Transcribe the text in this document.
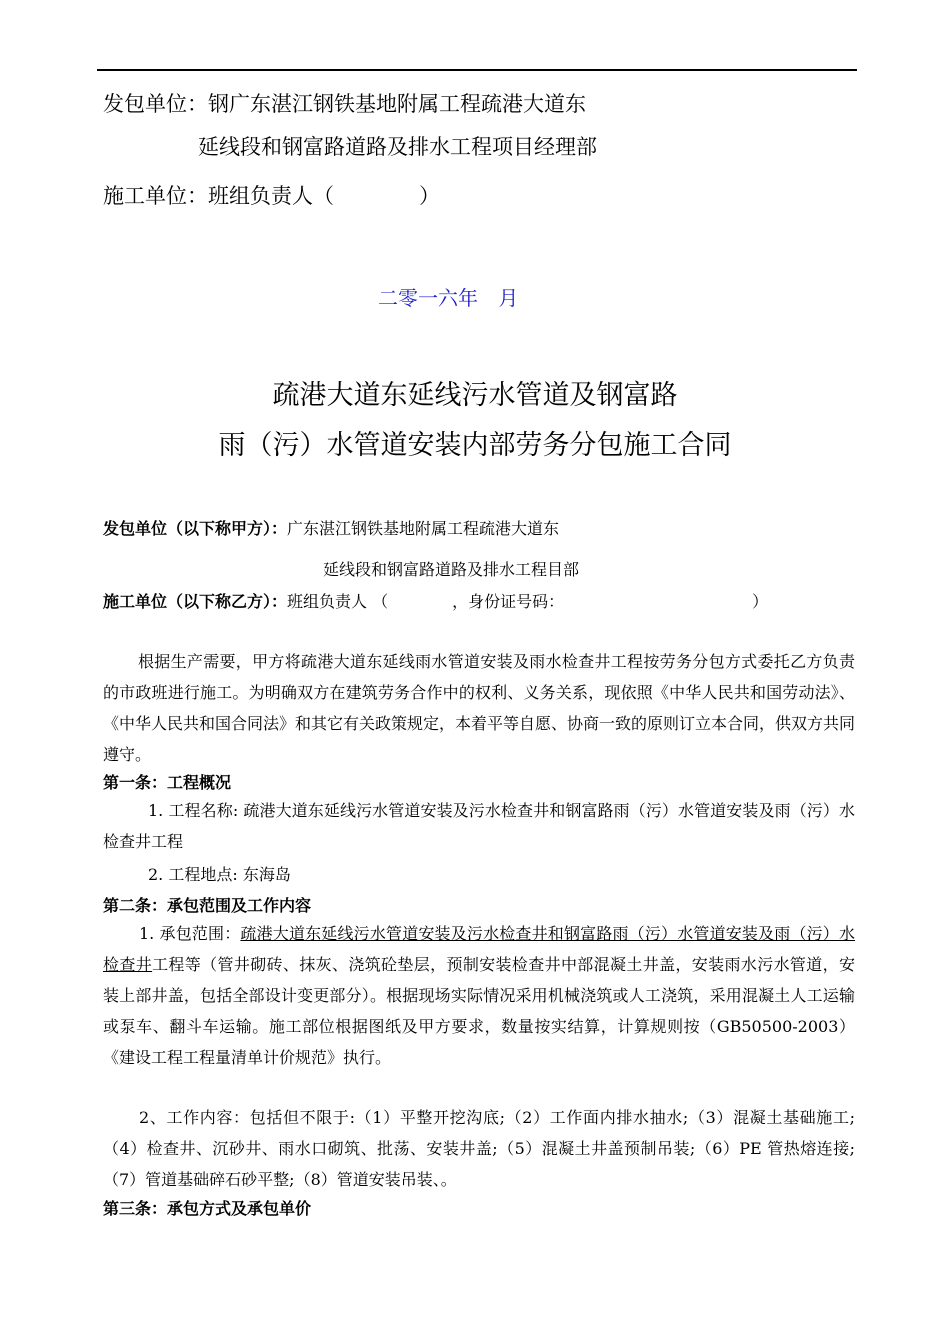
发包单位：钢广东湛江钢铁基地附属工程疏港大道东
延线段和钢富路道路及排水工程项目经理部
施工单位：班组负责人（	）
二零一六年 月
疏港大道东延线污水管道及钢富路
雨（污）水管道安装内部劳务分包施工合同
发包单位（以下称甲方）：广东湛江钢铁基地附属工程疏港大道东
延线段和钢富路道路及排水工程目部
施工单位（以下称乙方）：班组负责人 （	，身份证号码：	）
根据生产需要，甲方将疏港大道东延线雨水管道安装及雨水检查井工程按劳务分包方式委托乙方负责的市政班进行施工。为明确双方在建筑劳务合作中的权利、义务关系，现依照《中华人民共和国劳动法》、《中华人民共和国合同法》和其它有关政策规定，本着平等自愿、协商一致的原则订立本合同，供双方共同遵守。
第一条：工程概况
1. 工程名称: 疏港大道东延线污水管道安装及污水检查井和钢富路雨（污）水管道安装及雨（污）水检查井工程
2. 工程地点: 东海岛
第二条：承包范围及工作内容
1. 承包范围：疏港大道东延线污水管道安装及污水检查井和钢富路雨（污）水管道安装及雨（污）水检查井工程等（管井砌砖、抹灰、浇筑砼垫层，预制安装检查井中部混凝土井盖，安装雨水污水管道，安装上部井盖，包括全部设计变更部分）。根据现场实际情况采用机械浇筑或人工浇筑，采用混凝土人工运输或泵车、翻斗车运输。施工部位根据图纸及甲方要求，数量按实结算，计算规则按（GB50500-2003）《建设工程工程量清单计价规范》执行。
2、工作内容：包括但不限于:（1）平整开挖沟底;（2）工作面内排水抽水;（3）混凝土基础施工;（4）检查井、沉砂井、雨水口砌筑、批荡、安装井盖;（5）混凝土井盖预制吊装;（6）PE 管热熔连接;（7）管道基础碎石砂平整;（8）管道安装吊装、。
第三条：承包方式及承包单价
